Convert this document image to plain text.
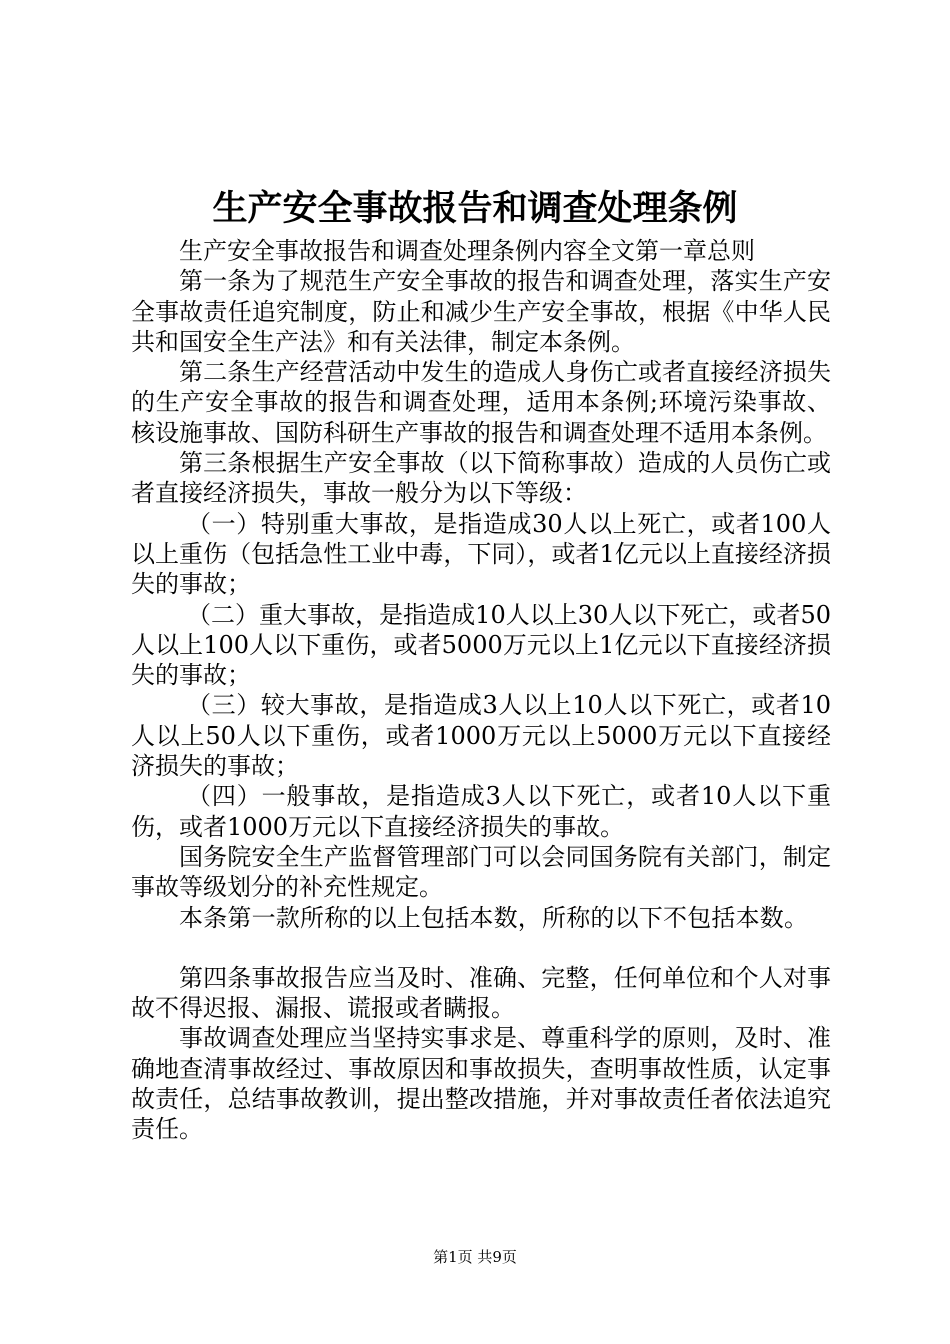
生产安全事故报告和调查处理条例

生产安全事故报告和调查处理条例内容全文第一章总则

第一条为了规范生产安全事故的报告和调查处理，落实生产安全事故责任追究制度，防止和减少生产安全事故，根据《中华人民共和国安全生产法》和有关法律，制定本条例。

第二条生产经营活动中发生的造成人身伤亡或者直接经济损失的生产安全事故的报告和调查处理，适用本条例;环境污染事故、核设施事故、国防科研生产事故的报告和调查处理不适用本条例。

第三条根据生产安全事故（以下简称事故）造成的人员伤亡或者直接经济损失，事故一般分为以下等级：

（一）特别重大事故，是指造成30人以上死亡，或者100人以上重伤（包括急性工业中毒，下同），或者1亿元以上直接经济损失的事故；

（二）重大事故，是指造成10人以上30人以下死亡，或者50人以上100人以下重伤，或者5000万元以上1亿元以下直接经济损失的事故；

（三）较大事故，是指造成3人以上10人以下死亡，或者10人以上50人以下重伤，或者1000万元以上5000万元以下直接经济损失的事故；

（四）一般事故，是指造成3人以下死亡，或者10人以下重伤，或者1000万元以下直接经济损失的事故。

国务院安全生产监督管理部门可以会同国务院有关部门，制定事故等级划分的补充性规定。

本条第一款所称的以上包括本数，所称的以下不包括本数。

第四条事故报告应当及时、准确、完整，任何单位和个人对事故不得迟报、漏报、谎报或者瞒报。

事故调查处理应当坚持实事求是、尊重科学的原则，及时、准确地查清事故经过、事故原因和事故损失，查明事故性质，认定事故责任，总结事故教训，提出整改措施，并对事故责任者依法追究责任。

第1页 共9页
